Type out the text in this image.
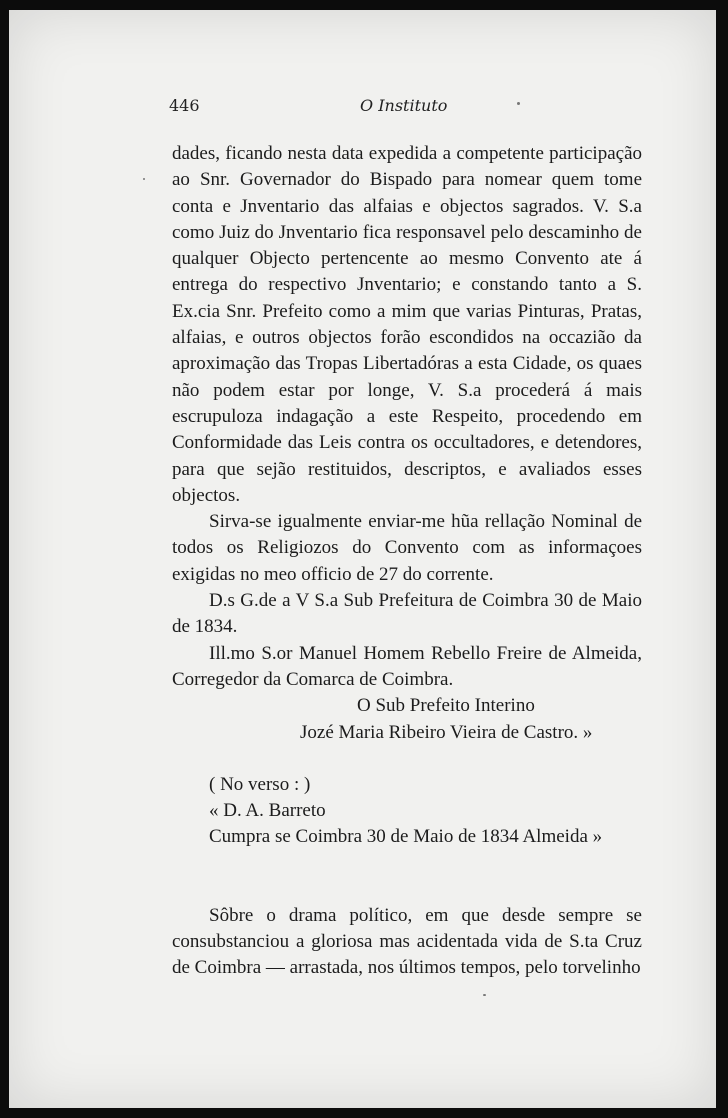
446	O Instituto

dades, ficando nesta data expedida a competente participação ao Snr. Governador do Bispado para nomear quem tome conta e Jnventario das alfaias e objectos sagrados. V. S.a como Juiz do Jnventario fica responsavel pelo descaminho de qualquer Objecto pertencente ao mesmo Convento ate á entrega do respectivo Jnventario; e constando tanto a S. Ex.cia Snr. Prefeito como a mim que varias Pinturas, Pratas, alfaias, e outros objectos forão escondidos na occazião da aproximação das Tropas Libertadóras a esta Cidade, os quaes não podem estar por longe, V. S.a procederá á mais escrupuloza indagação a este Respeito, procedendo em Conformidade das Leis contra os occultadores, e detendores, para que sejão restituidos, descriptos, e avaliados esses objectos.

Sirva-se igualmente enviar-me hũa rellação Nominal de todos os Religiozos do Convento com as informaçoes exigidas no meo officio de 27 do corrente.

D.s G.de a V S.a Sub Prefeitura de Coimbra 30 de Maio de 1834.

Ill.mo S.or Manuel Homem Rebello Freire de Almeida, Corregedor da Comarca de Coimbra.

O Sub Prefeito Interino
Jozé Maria Ribeiro Vieira de Castro. »
( No verso : )
« D. A. Barreto
Cumpra se Coimbra 30 de Maio de 1834 Almeida »

Sôbre o drama político, em que desde sempre se consubstanciou a gloriosa mas acidentada vida de S.ta Cruz de Coimbra — arrastada, nos últimos tempos, pelo torvelinho
